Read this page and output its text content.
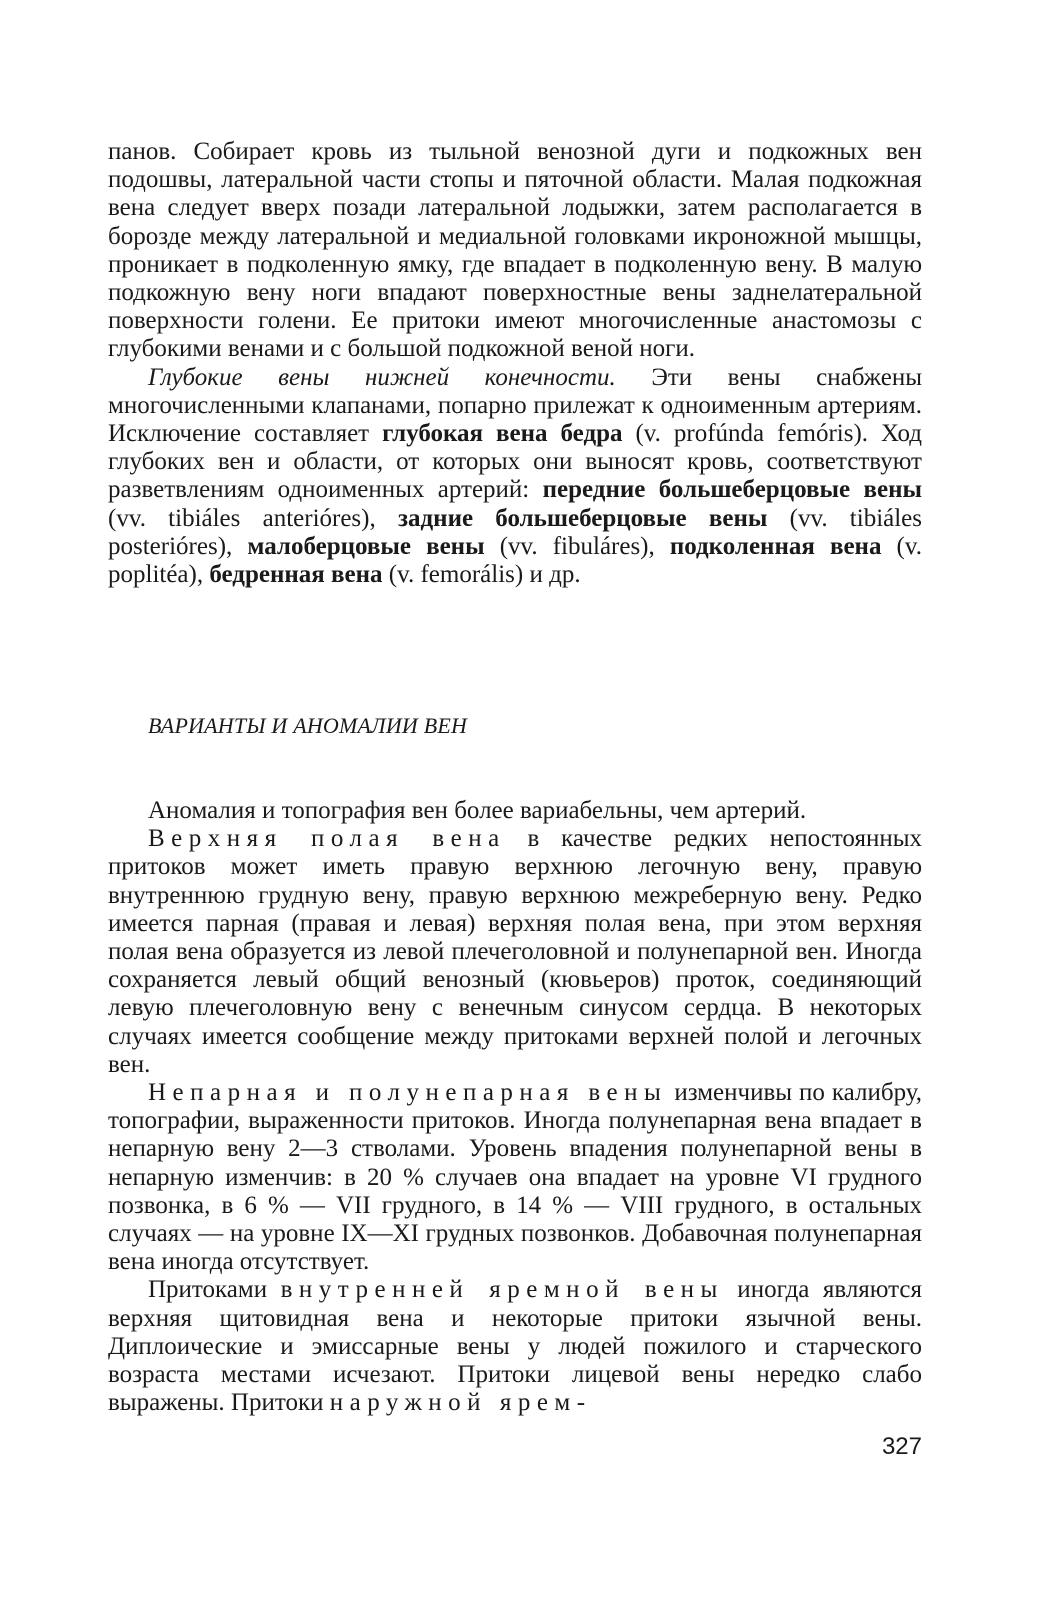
панов. Собирает кровь из тыльной венозной дуги и подкожных вен подошвы, латеральной части стопы и пяточной области. Малая подкожная вена следует вверх позади латеральной лодыжки, затем располагается в борозде между латеральной и медиальной головками икроножной мышцы, проникает в подколенную ямку, где впадает в подколенную вену. В малую подкожную вену ноги впадают поверхностные вены заднелатеральной поверхности голени. Ее притоки имеют многочисленные анастомозы с глубокими венами и с большой подкожной веной ноги.

Глубокие вены нижней конечности. Эти вены снабжены многочисленными клапанами, попарно прилежат к одноименным артериям. Исключение составляет глубокая вена бедра (v. profúnda femóris). Ход глубоких вен и области, от которых они выносят кровь, соответствуют разветвлениям одноименных артерий: передние большеберцовые вены (vv. tibiáles anterióres), задние большеберцовые вены (vv. tibiáles posterióres), малоберцовые вены (vv. fibuláres), подколенная вена (v. poplitéa), бедренная вена (v. femorális) и др.

ВАРИАНТЫ И АНОМАЛИИ ВЕН

Аномалия и топография вен более вариабельны, чем артерий.

Верхняя полая вена в качестве редких непостоянных притоков может иметь правую верхнюю легочную вену, правую внутреннюю грудную вену, правую верхнюю межреберную вену. Редко имеется парная (правая и левая) верхняя полая вена, при этом верхняя полая вена образуется из левой плечеголовной и полунепарной вен. Иногда сохраняется левый общий венозный (кювьеров) проток, соединяющий левую плечеголовную вену с венечным синусом сердца. В некоторых случаях имеется сообщение между притоками верхней полой и легочных вен.

Непарная и полунепарная вены изменчивы по калибру, топографии, выраженности притоков. Иногда полунепарная вена впадает в непарную вену 2—3 стволами. Уровень впадения полунепарной вены в непарную изменчив: в 20 % случаев она впадает на уровне VI грудного позвонка, в 6 % — VII грудного, в 14 % — VIII грудного, в остальных случаях — на уровне IX—XI грудных позвонков. Добавочная полунепарная вена иногда отсутствует.

Притоками внутренней яремной вены иногда являются верхняя щитовидная вена и некоторые притоки язычной вены. Диплоические и эмиссарные вены у людей пожилого и старческого возраста местами исчезают. Притоки лицевой вены нередко слабо выражены. Притоки наружной ярем-

327
